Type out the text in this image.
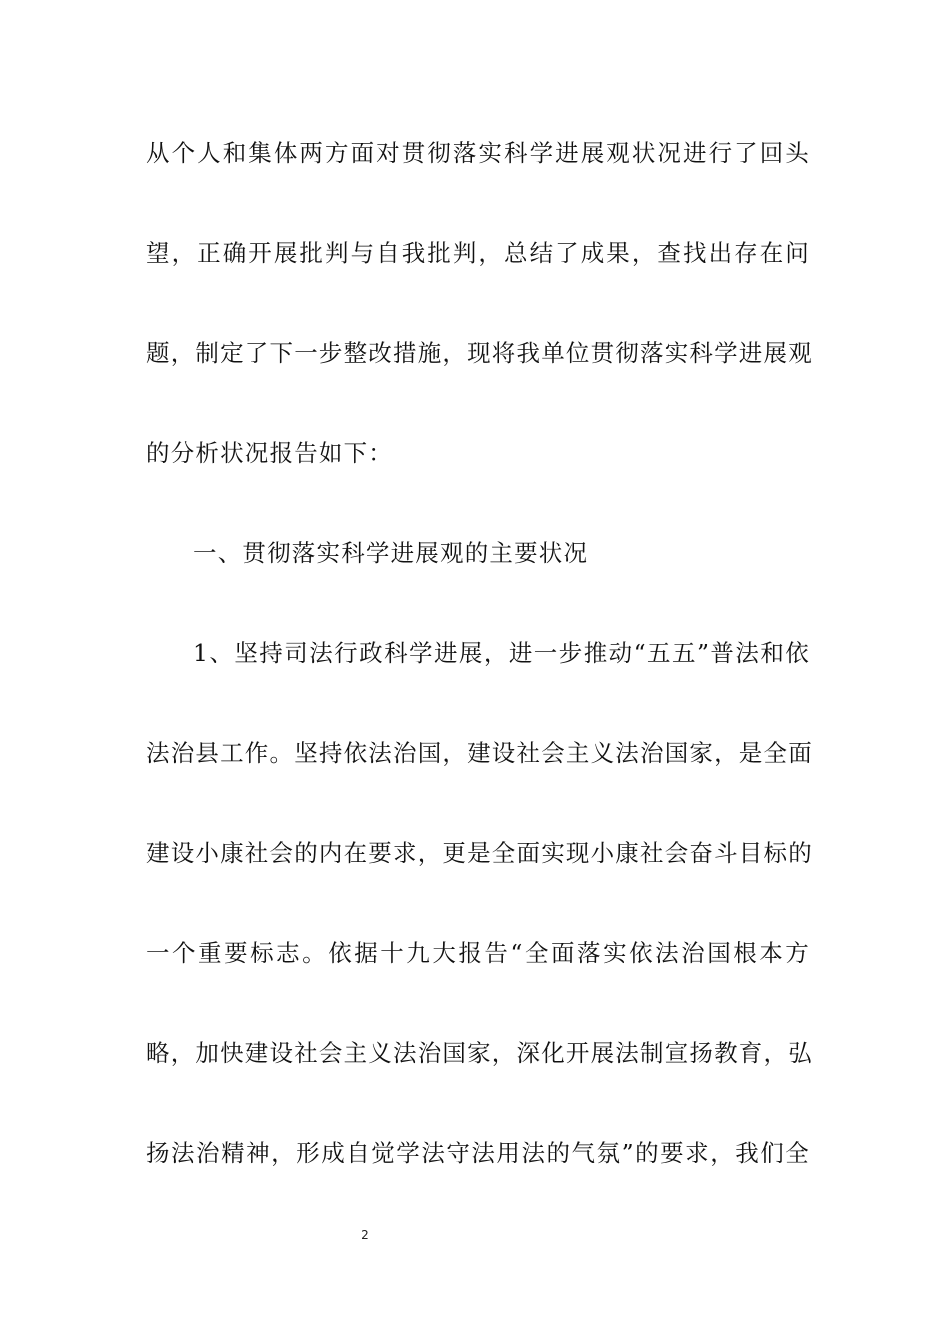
从个人和集体两方面对贯彻落实科学进展观状况进行了回头
望，正确开展批判与自我批判，总结了成果，查找出存在问
题，制定了下一步整改措施，现将我单位贯彻落实科学进展观
的分析状况报告如下：
一、贯彻落实科学进展观的主要状况
1、坚持司法行政科学进展，进一步推动“五五”普法和依
法治县工作。坚持依法治国，建设社会主义法治国家，是全面
建设小康社会的内在要求，更是全面实现小康社会奋斗目标的
一个重要标志。依据十九大报告“全面落实依法治国根本方
略，加快建设社会主义法治国家，深化开展法制宣扬教育，弘
扬法治精神，形成自觉学法守法用法的气氛”的要求，我们全
2
